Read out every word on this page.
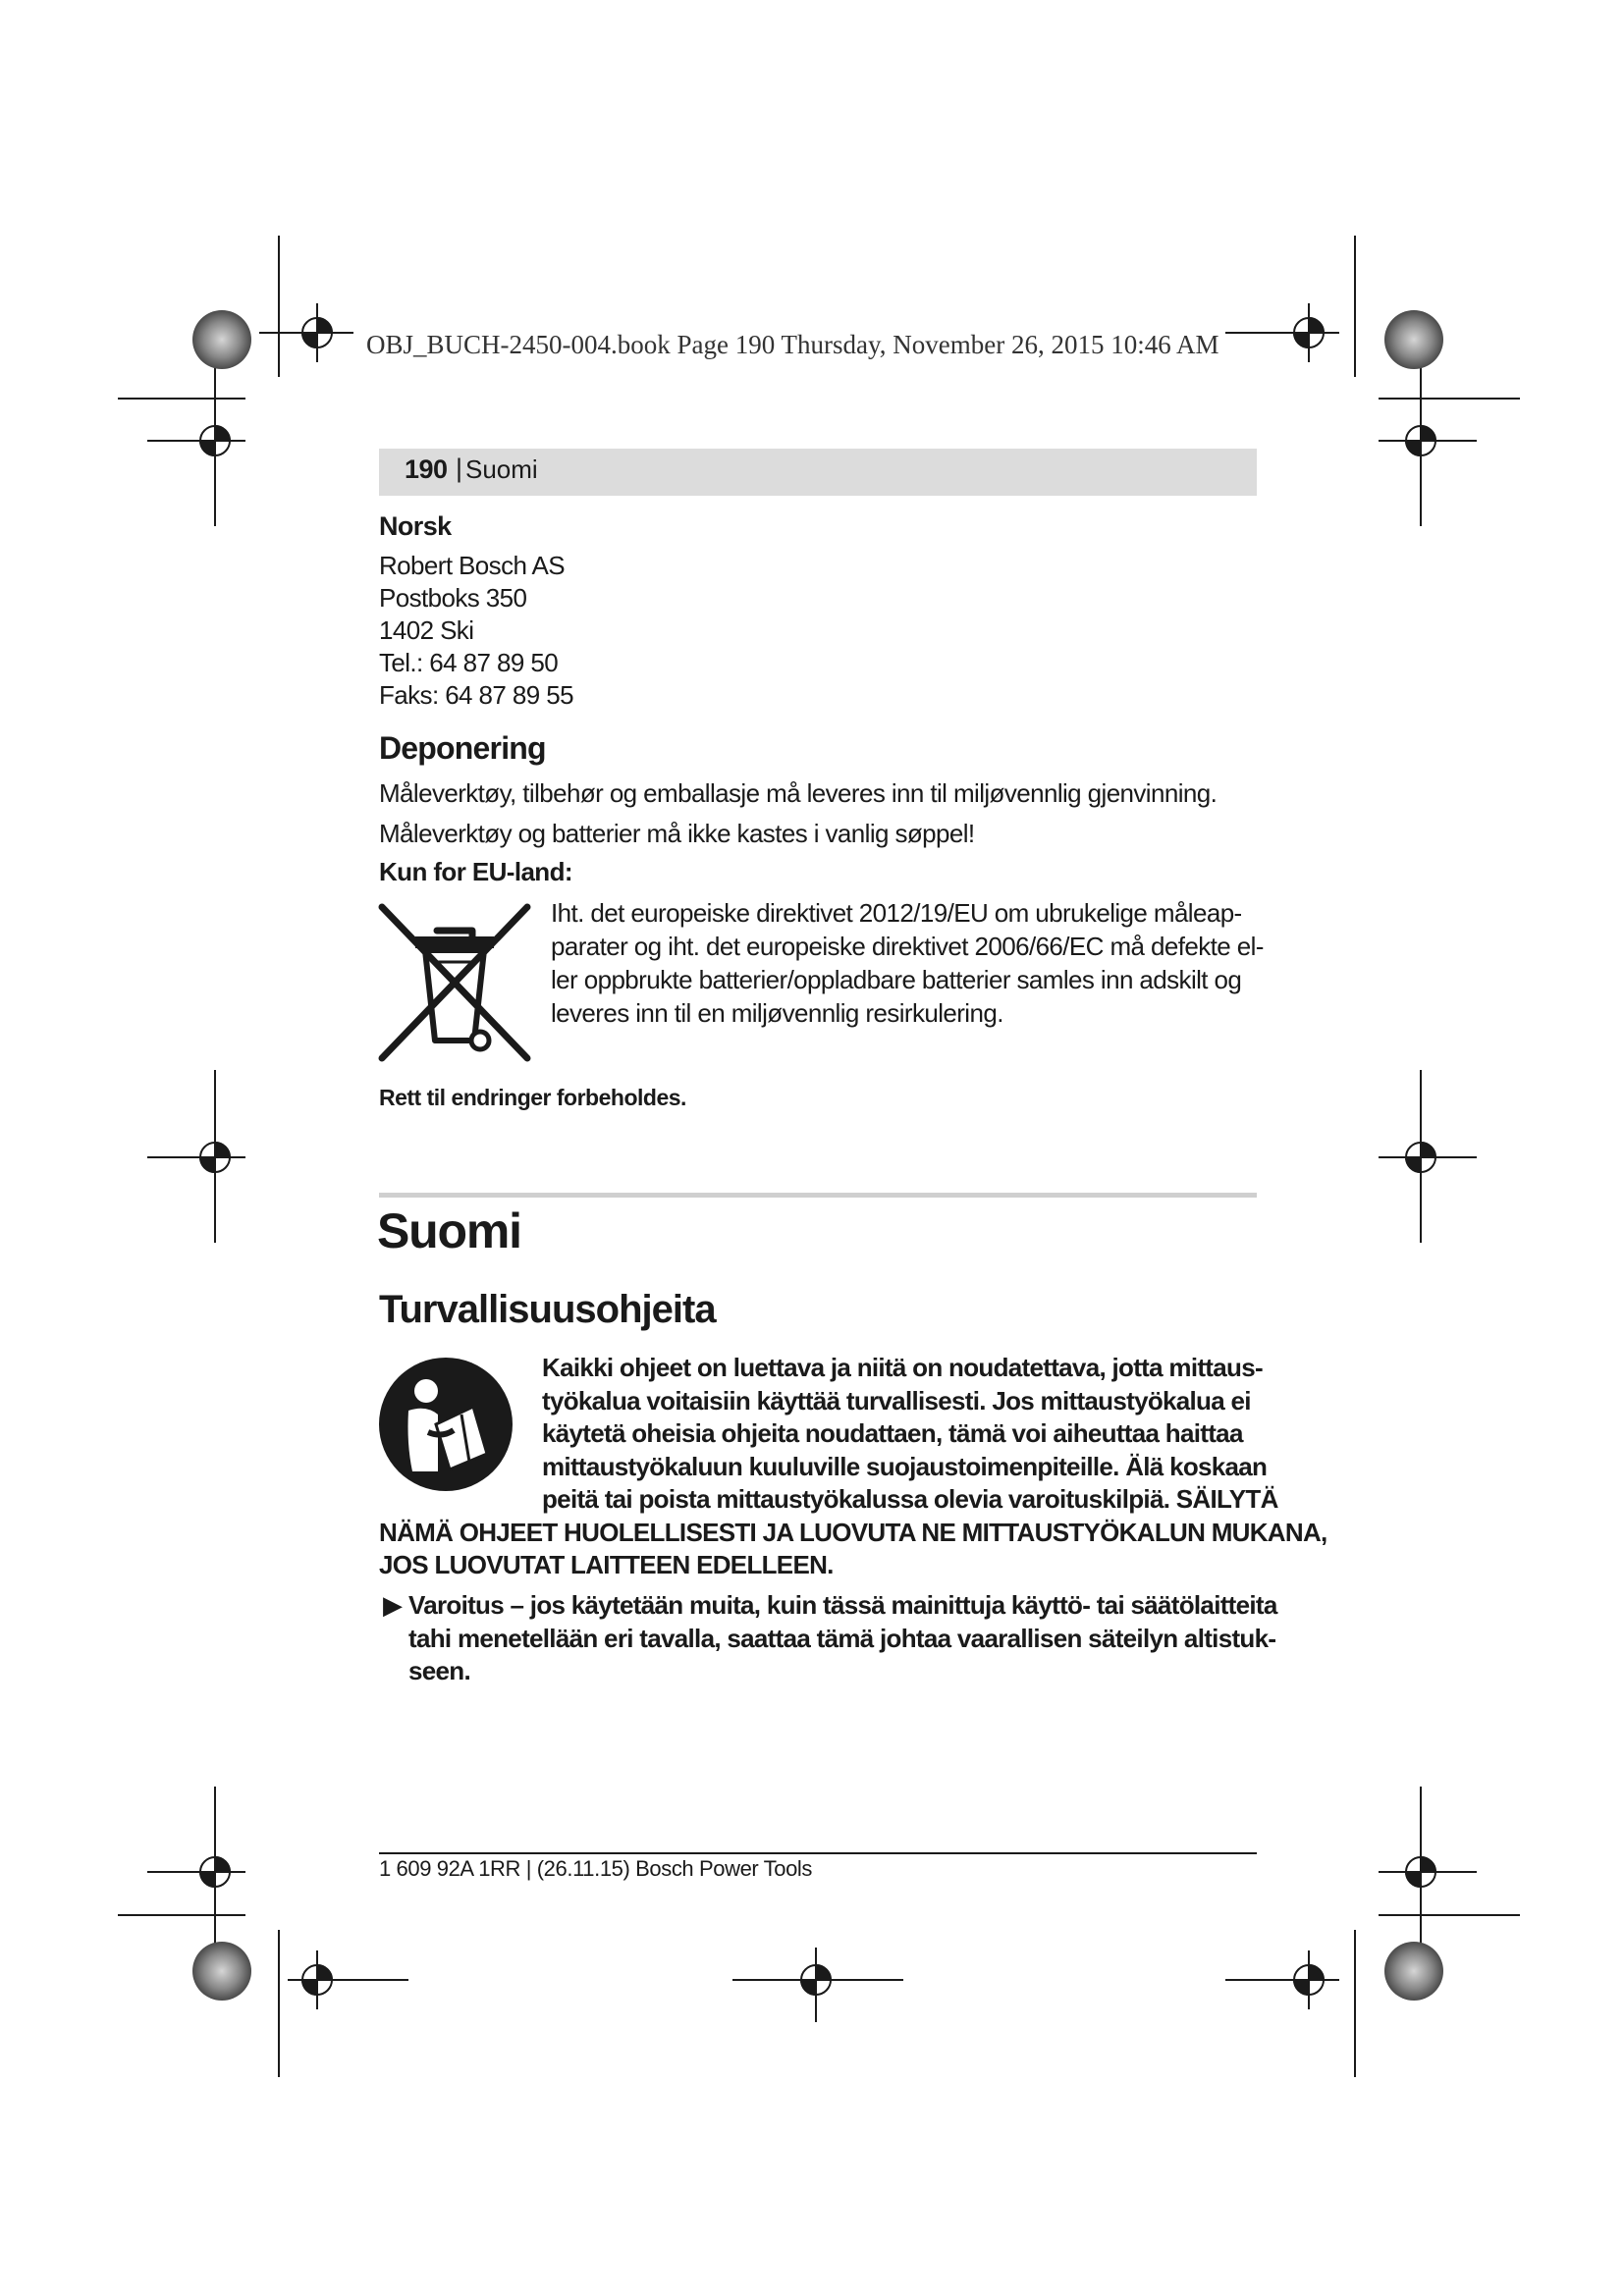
OBJ_BUCH-2450-004.book Page 190 Thursday, November 26, 2015 10:46 AM
190 | Suomi
Norsk
Robert Bosch AS
Postboks 350
1402 Ski
Tel.: 64 87 89 50
Faks: 64 87 89 55
Deponering
Måleverktøy, tilbehør og emballasje må leveres inn til miljøvennlig gjenvinning.
Måleverktøy og batterier må ikke kastes i vanlig søppel!
Kun for EU-land:
Iht. det europeiske direktivet 2012/19/EU om ubrukelige måleap-
parater og iht. det europeiske direktivet 2006/66/EC må defekte el-
ler oppbrukte batterier/oppladbare batterier samles inn adskilt og
leveres inn til en miljøvennlig resirkulering.
Rett til endringer forbeholdes.
Suomi
Turvallisuusohjeita
Kaikki ohjeet on luettava ja niitä on noudatettava, jotta mittaus-
työkalua voitaisiin käyttää turvallisesti. Jos mittaustyökalua ei
käytetä oheisia ohjeita noudattaen, tämä voi aiheuttaa haittaa
mittaustyökaluun kuuluville suojaustoimenpiteille. Älä koskaan
peitä tai poista mittaustyökalussa olevia varoituskilpiä. SÄILYTÄ
NÄMÄ OHJEET HUOLELLISESTI JA LUOVUTA NE MITTAUSTYÖKALUN MUKANA,
JOS LUOVUTAT LAITTEEN EDELLEEN.
▶ Varoitus – jos käytetään muita, kuin tässä mainittuja käyttö- tai säätölaitteita
tahi menetellään eri tavalla, saattaa tämä johtaa vaarallisen säteilyn altistuk-
seen.
1 609 92A 1RR | (26.11.15) Bosch Power Tools
